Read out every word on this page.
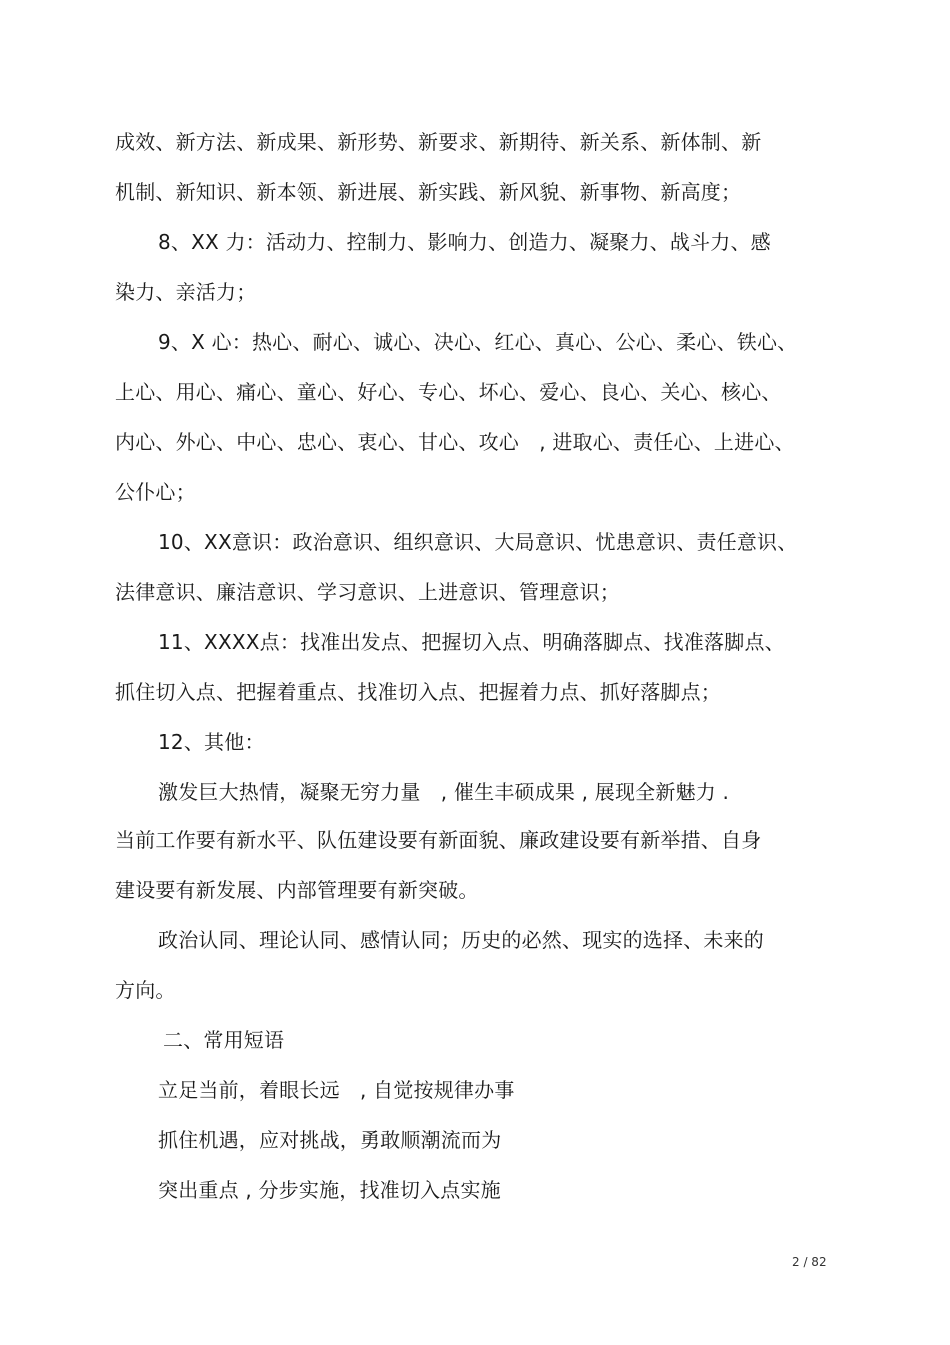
成效、新方法、新成果、新形势、新要求、新期待、新关系、新体制、新
机制、新知识、新本领、新进展、新实践、新风貌、新事物、新高度；
8、XX 力：活动力、控制力、影响力、创造力、凝聚力、战斗力、感
染力、亲活力；
9、X 心：热心、耐心、诚心、决心、红心、真心、公心、柔心、铁心、
上心、用心、痛心、童心、好心、专心、坏心、爱心、良心、关心、核心、
内心、外心、中心、忠心、衷心、甘心、攻心　, 进取心、责任心、上进心、
公仆心；
10、XX意识：政治意识、组织意识、大局意识、忧患意识、责任意识、
法律意识、廉洁意识、学习意识、上进意识、管理意识；
11、XXXX点：找准出发点、把握切入点、明确落脚点、找准落脚点、
抓住切入点、把握着重点、找准切入点、把握着力点、抓好落脚点；
12、其他：
激发巨大热情，凝聚无穷力量　, 催生丰硕成果 , 展现全新魅力 .
当前工作要有新水平、队伍建设要有新面貌、廉政建设要有新举措、自身
建设要有新发展、内部管理要有新突破。
政治认同、理论认同、感情认同；历史的必然、现实的选择、未来的
方向。
二、常用短语
立足当前，着眼长远　, 自觉按规律办事
抓住机遇，应对挑战，勇敢顺潮流而为
突出重点 , 分步实施，找准切入点实施
2 / 82
